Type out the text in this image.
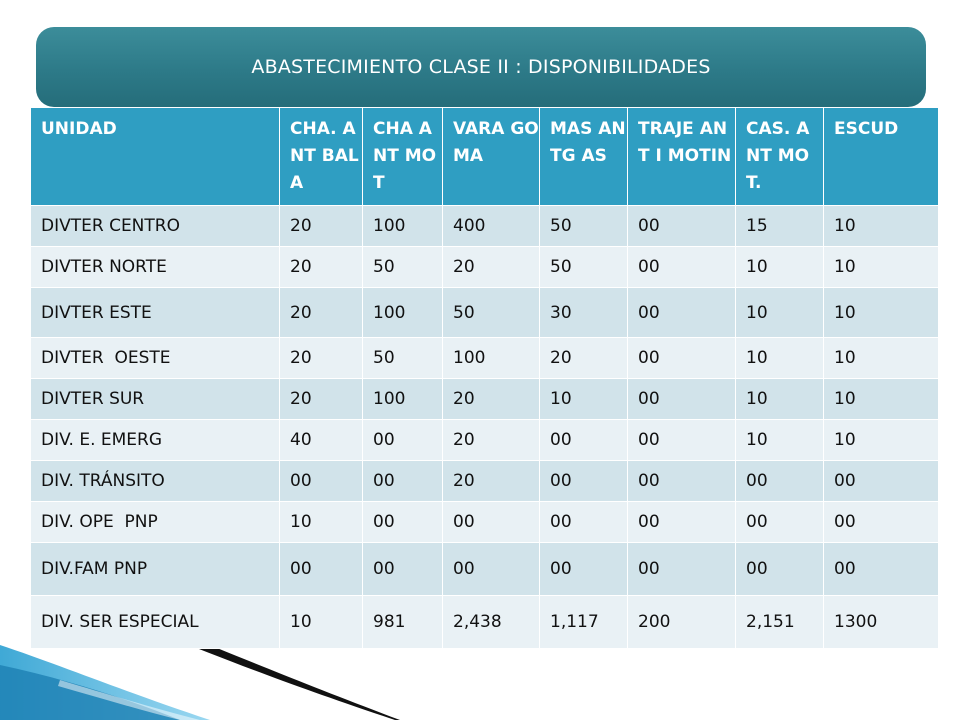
ABASTECIMIENTO CLASE II : DISPONIBILIDADES
UNIDAD	CHA. ANT BALA	CHA ANT MOT	VARA GOMA	MAS ANTG AS	TRAJE ANT I MOTIN	CAS. ANT MOT.	ESCUD
DIVTER CENTRO	20	100	400	50	00	15	10
DIVTER NORTE	20	50	20	50	00	10	10
DIVTER ESTE	20	100	50	30	00	10	10
DIVTER  OESTE	20	50	100	20	00	10	10
DIVTER SUR	20	100	20	10	00	10	10
DIV. E. EMERG	40	00	20	00	00	10	10
DIV. TRÁNSITO	00	00	20	00	00	00	00
DIV. OPE  PNP	10	00	00	00	00	00	00
DIV.FAM PNP	00	00	00	00	00	00	00
DIV. SER ESPECIAL	10	981	2,438	1,117	200	2,151	1300
